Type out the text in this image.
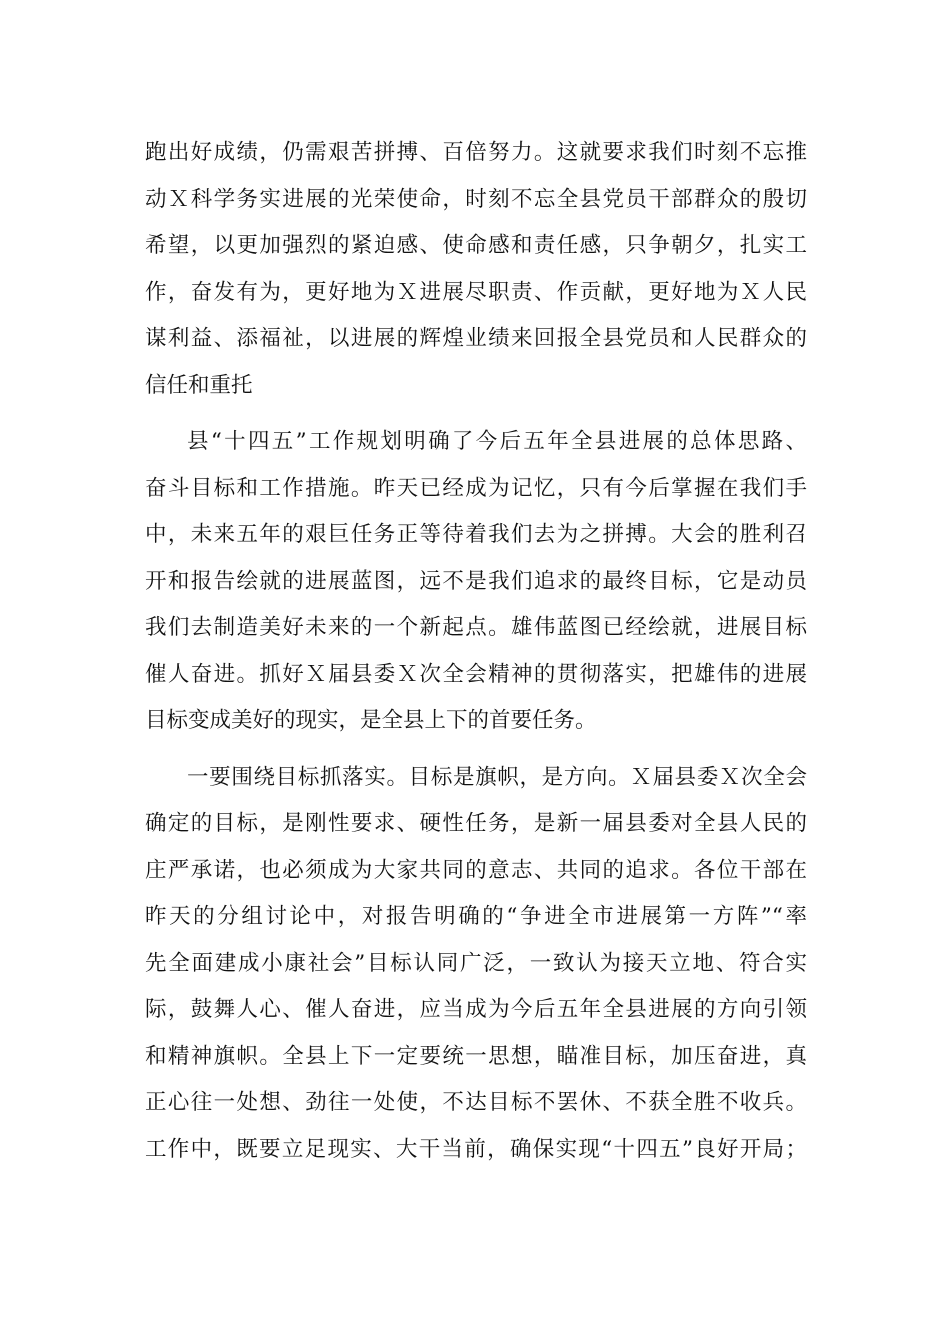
跑出好成绩，仍需艰苦拼搏、百倍努力。这就要求我们时刻不忘推
动Ｘ科学务实进展的光荣使命，时刻不忘全县党员干部群众的殷切
希望，以更加强烈的紧迫感、使命感和责任感，只争朝夕，扎实工
作，奋发有为，更好地为Ｘ进展尽职责、作贡献，更好地为Ｘ人民
谋利益、添福祉，以进展的辉煌业绩来回报全县党员和人民群众的
信任和重托
县“十四五”工作规划明确了今后五年全县进展的总体思路、
奋斗目标和工作措施。昨天已经成为记忆，只有今后掌握在我们手
中，未来五年的艰巨任务正等待着我们去为之拼搏。大会的胜利召
开和报告绘就的进展蓝图，远不是我们追求的最终目标，它是动员
我们去制造美好未来的一个新起点。雄伟蓝图已经绘就，进展目标
催人奋进。抓好Ｘ届县委Ｘ次全会精神的贯彻落实，把雄伟的进展
目标变成美好的现实，是全县上下的首要任务。
一要围绕目标抓落实。目标是旗帜，是方向。Ｘ届县委Ｘ次全会
确定的目标，是刚性要求、硬性任务，是新一届县委对全县人民的
庄严承诺，也必须成为大家共同的意志、共同的追求。各位干部在
昨天的分组讨论中，对报告明确的“争进全市进展第一方阵”“率
先全面建成小康社会”目标认同广泛，一致认为接天立地、符合实
际，鼓舞人心、催人奋进，应当成为今后五年全县进展的方向引领
和精神旗帜。全县上下一定要统一思想，瞄准目标，加压奋进，真
正心往一处想、劲往一处使，不达目标不罢休、不获全胜不收兵。
工作中，既要立足现实、大干当前，确保实现“十四五”良好开局；
